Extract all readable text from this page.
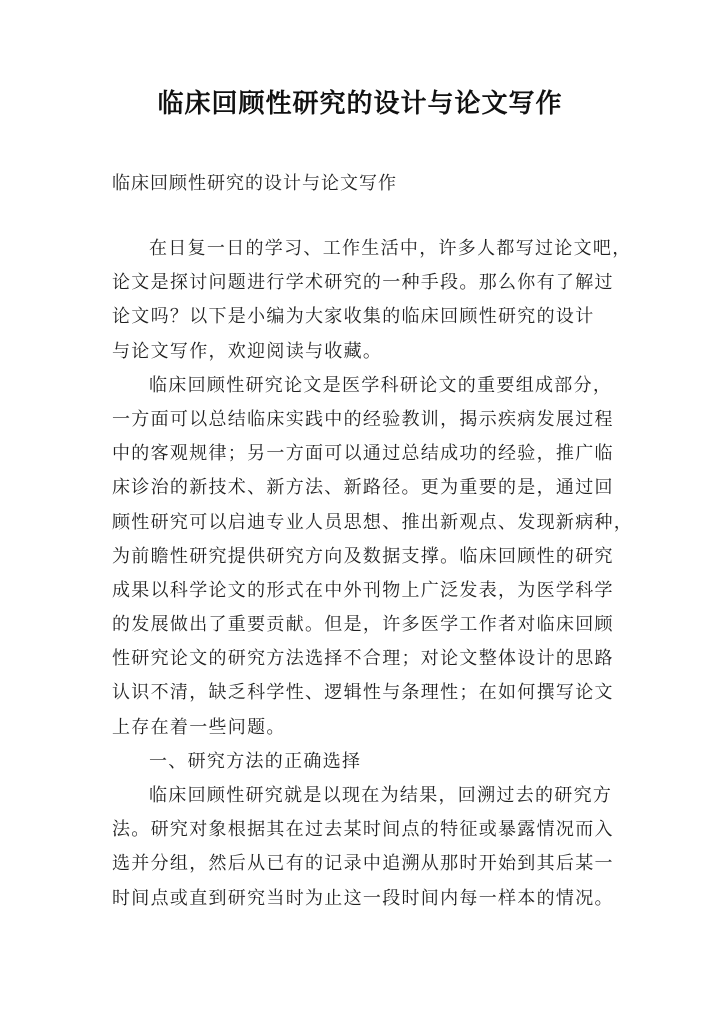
临床回顾性研究的设计与论文写作
临床回顾性研究的设计与论文写作
在日复一日的学习、工作生活中，许多人都写过论文吧，
论文是探讨问题进行学术研究的一种手段。那么你有了解过
论文吗？以下是小编为大家收集的临床回顾性研究的设计
与论文写作，欢迎阅读与收藏。
临床回顾性研究论文是医学科研论文的重要组成部分，
一方面可以总结临床实践中的经验教训，揭示疾病发展过程
中的客观规律；另一方面可以通过总结成功的经验，推广临
床诊治的新技术、新方法、新路径。更为重要的是，通过回
顾性研究可以启迪专业人员思想、推出新观点、发现新病种，
为前瞻性研究提供研究方向及数据支撑。临床回顾性的研究
成果以科学论文的形式在中外刊物上广泛发表，为医学科学
的发展做出了重要贡献。但是，许多医学工作者对临床回顾
性研究论文的研究方法选择不合理；对论文整体设计的思路
认识不清，缺乏科学性、逻辑性与条理性；在如何撰写论文
上存在着一些问题。
一、研究方法的正确选择
临床回顾性研究就是以现在为结果，回溯过去的研究方
法。研究对象根据其在过去某时间点的特征或暴露情况而入
选并分组，然后从已有的记录中追溯从那时开始到其后某一
时间点或直到研究当时为止这一段时间内每一样本的情况。
